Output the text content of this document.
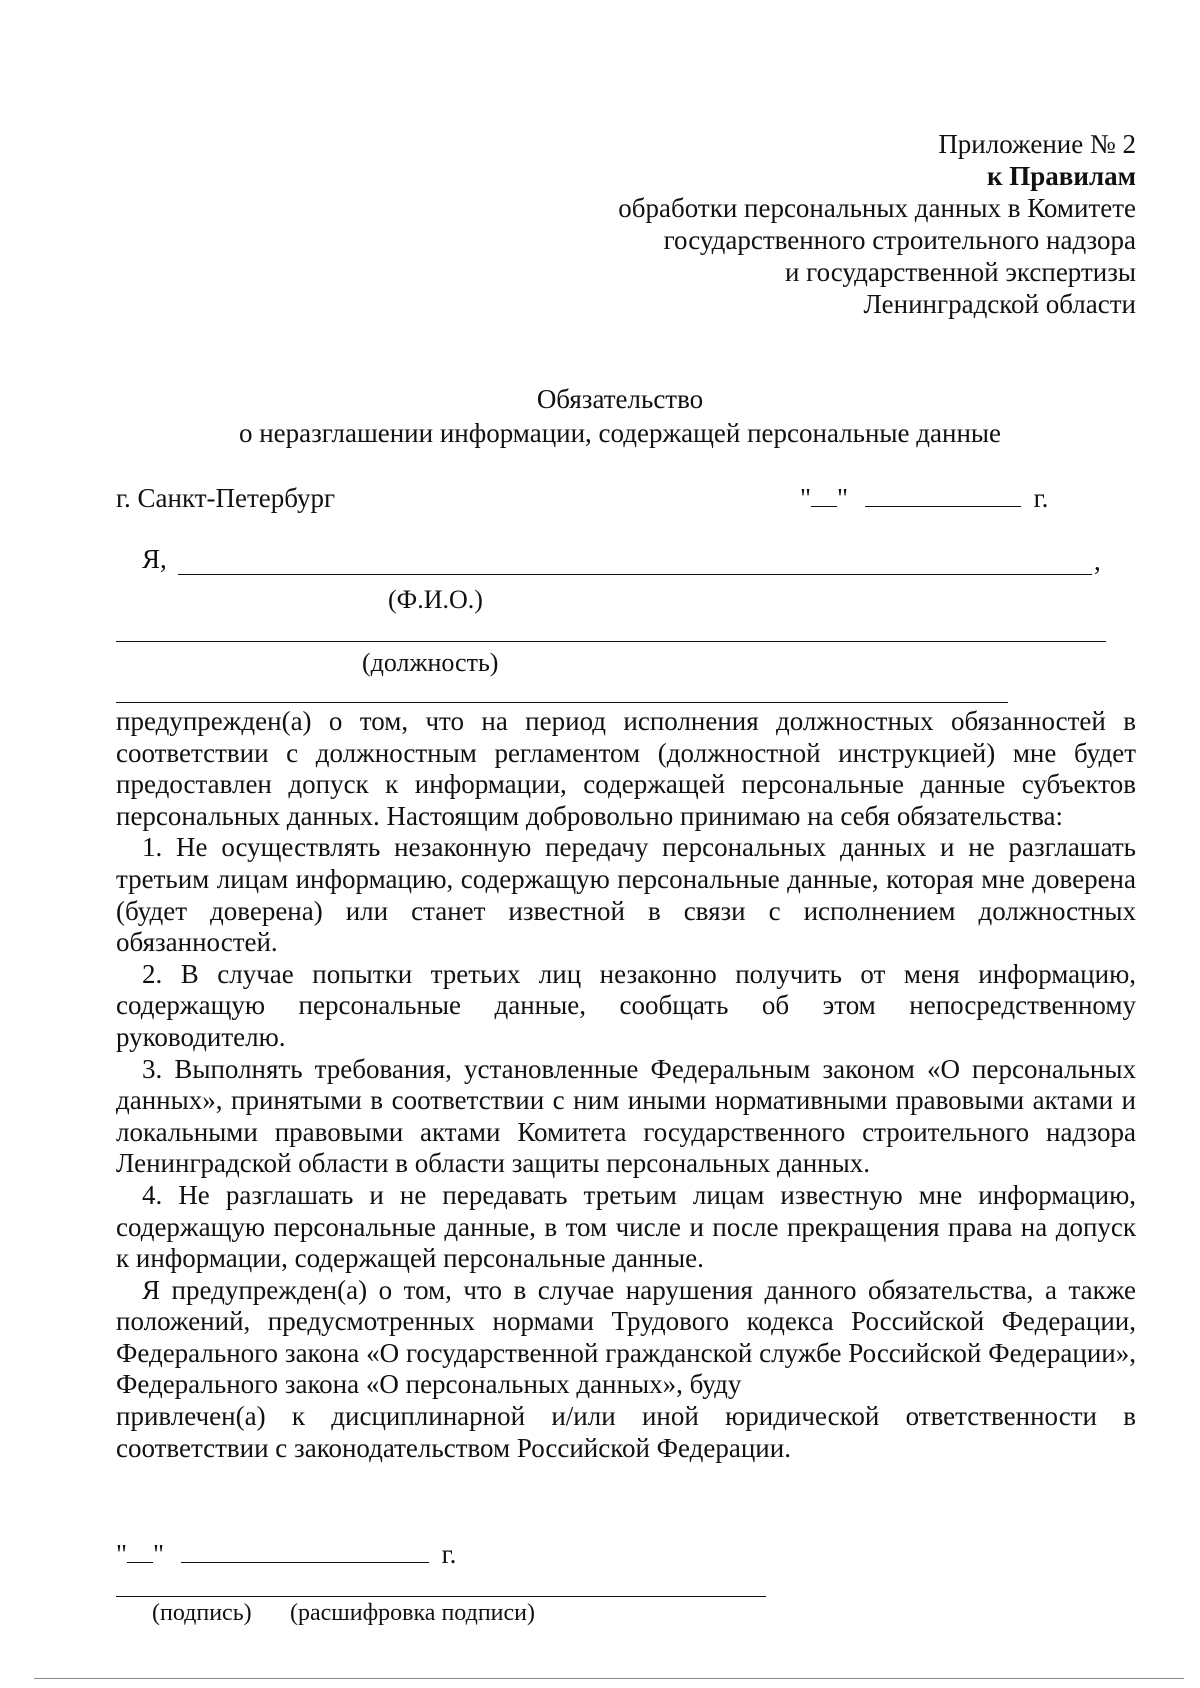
Приложение № 2
к Правилам
обработки персональных данных в Комитете
государственного строительного надзора
и государственной экспертизы
Ленинградской области
Обязательство
о неразглашении информации, содержащей персональные данные
г. Санкт-Петербург	" "	г.
Я,	,
(Ф.И.О.)
(должность)

предупрежден(а) о том, что на период исполнения должностных обязанностей в соответствии с должностным регламентом (должностной инструкцией) мне будет предоставлен допуск к информации, содержащей персональные данные субъектов персональных данных. Настоящим добровольно принимаю на себя обязательства:

1. Не осуществлять незаконную передачу персональных данных и не разглашать третьим лицам информацию, содержащую персональные данные, которая мне доверена (будет доверена) или станет известной в связи с исполнением должностных обязанностей.

2. В случае попытки третьих лиц незаконно получить от меня информацию, содержащую персональные данные, сообщать об этом непосредственному руководителю.

3. Выполнять требования, установленные Федеральным законом «О персональных данных», принятыми в соответствии с ним иными нормативными правовыми актами и локальными правовыми актами Комитета государственного строительного надзора Ленинградской области в области защиты персональных данных.

4. Не разглашать и не передавать третьим лицам известную мне информацию, содержащую персональные данные, в том числе и после прекращения права на допуск к информации, содержащей персональные данные.

Я предупрежден(а) о том, что в случае нарушения данного обязательства, а также положений, предусмотренных нормами Трудового кодекса Российской Федерации, Федерального закона «О государственной гражданской службе Российской Федерации», Федерального закона «О персональных данных», буду

привлечен(а) к дисциплинарной и/или иной юридической ответственности в соответствии с законодательством Российской Федерации.

" "	г.
(подпись) (расшифровка подписи)
